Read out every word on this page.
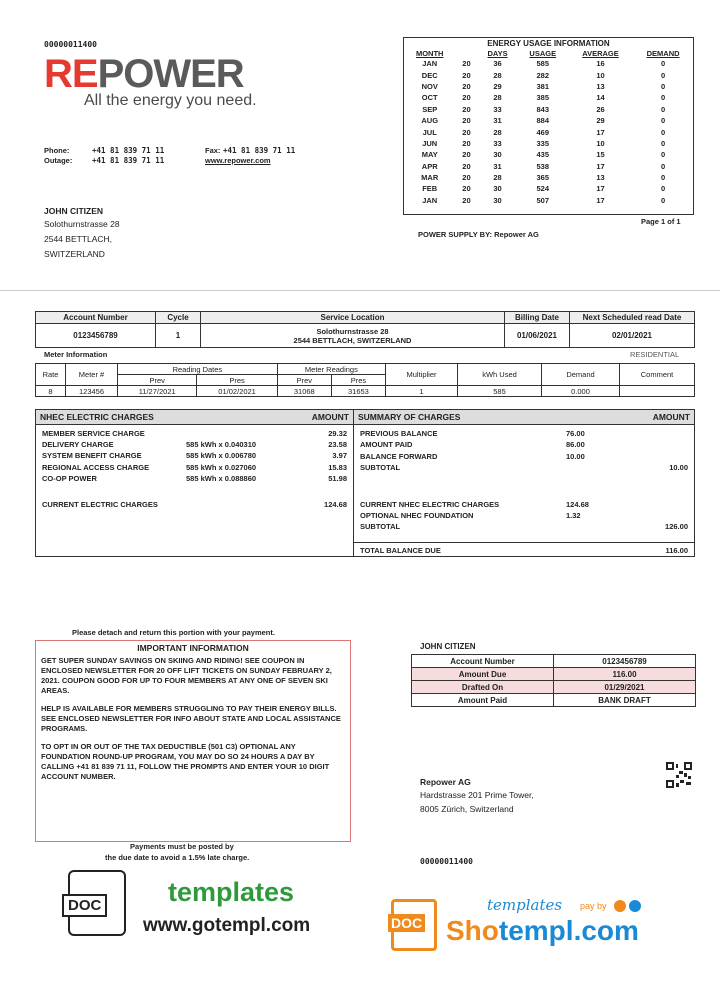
00000011400
REPOWER
All the energy you need.
Phone:	+41 81 839 71 11
Outage:	+41 81 839 71 11
Fax: +41 81 839 71 11
www.repower.com
JOHN CITIZEN
Solothurnstrasse 28
2544 BETTLACH,
SWITZERLAND
ENERGY USAGE INFORMATION
MONTH		DAYS	USAGE	AVERAGE	DEMAND
JAN	20	36	585	16	0
DEC	20	28	282	10	0
NOV	20	29	381	13	0
OCT	20	28	385	14	0
SEP	20	33	843	26	0
AUG	20	31	884	29	0
JUL	20	28	469	17	0
JUN	20	33	335	10	0
MAY	20	30	435	15	0
APR	20	31	538	17	0
MAR	20	28	365	13	0
FEB	20	30	524	17	0
JAN	20	30	507	17	0
Page 1 of 1
POWER SUPPLY BY: Repower AG
Account Number	Cycle	Service Location	Billing Date	Next Scheduled read Date
0123456789	1	Solothurnstrasse 28
2544 BETTLACH, SWITZERLAND	01/06/2021	02/01/2021
Meter Information	RESIDENTIAL
Rate	Meter #	Reading Dates		Meter Readings		Multiplier	kWh Used	Demand	Comment
		Prev	Pres	Prev	Pres				
8	123456	11/27/2021	01/02/2021	31068	31653	1	585	0.000	
NHEC ELECTRIC CHARGES	AMOUNT
MEMBER SERVICE CHARGE	29.32
DELIVERY CHARGE	585 kWh x 0.040310	23.58
SYSTEM BENEFIT CHARGE	585 kWh x 0.006780	3.97
REGIONAL ACCESS CHARGE	585 kWh x 0.027060	15.83
CO-OP POWER	585 kWh x 0.088860	51.98
CURRENT ELECTRIC CHARGES	124.68
SUMMARY OF CHARGES	AMOUNT
PREVIOUS BALANCE	76.00
AMOUNT PAID	86.00
BALANCE FORWARD	10.00
SUBTOTAL	10.00
CURRENT NHEC ELECTRIC CHARGES	124.68
OPTIONAL NHEC FOUNDATION	1.32
SUBTOTAL	126.00
TOTAL BALANCE DUE	116.00
Please detach and return this portion with your payment.
IMPORTANT INFORMATION

GET SUPER SUNDAY SAVINGS ON SKIING AND RIDING! SEE COUPON IN ENCLOSED NEWSLETTER FOR 20 OFF LIFT TICKETS ON SUNDAY FEBRUARY 2, 2021. COUPON GOOD FOR UP TO FOUR MEMBERS AT ANY ONE OF SEVEN SKI AREAS.

HELP IS AVAILABLE FOR MEMBERS STRUGGLING TO PAY THEIR ENERGY BILLS. SEE ENCLOSED NEWSLETTER FOR INFO ABOUT STATE AND LOCAL ASSISTANCE PROGRAMS.

TO OPT IN OR OUT OF THE TAX DEDUCTIBLE (501 C3) OPTIONAL ANY FOUNDATION ROUND-UP PROGRAM, YOU MAY DO SO 24 HOURS A DAY BY CALLING +41 81 839 71 11, FOLLOW THE PROMPTS AND ENTER YOUR 10 DIGIT ACCOUNT NUMBER.

Payments must be posted by
the due date to avoid a 1.5% late charge.
JOHN CITIZEN
Account Number	0123456789
Amount Due	116.00
Drafted On	01/29/2021
Amount Paid	BANK DRAFT
Repower AG
Hardstrasse 201 Prime Tower,
8005 Zürich, Switzerland
00000011400
DOC templates
www.gotempl.com	DOC
templates pay by
Shotempl.com
